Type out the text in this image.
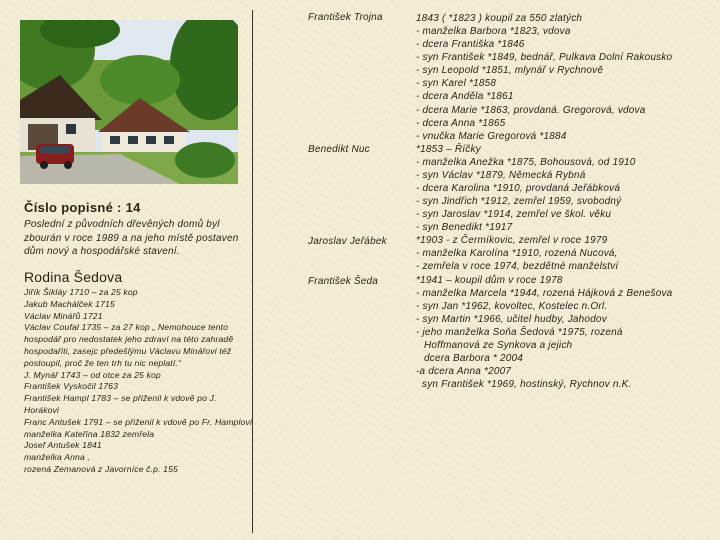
Číslo popisné : 14
Poslední z původních dřevěných domů byl zbourán v roce 1989 a na jeho místě postaven dům nový a hospodářské stavení.
Rodina Šedova
Jiřík Šikláy 1710 – za 25 kop
Jakub Machálček 1715
Václav Minářů 1721
Václav Coufal 1735 – za 27 kop „ Nemohouce tento hospodář pro nedostatek jeho zdraví na této zahradě hospodařiti, zasejc předešlýmu Václavu Minářovi též postoupil, proč že ten trh tu nic neplatí.“
J. Mynář 1743 – od otce za 25 kop
František Vyskočil 1763
František Hampl 1783 – se přiženil k vdově po J. Horákovi
Franc Antušek 1791 – se přiženil k vdově po Fr. Hamplovi
manželka Kateřina 1832 zemřela
Josef Antušek 1841
manželka Anna ,
rozená Zemanová z Javorníce č.p. 155
František Trojna
Benedikt Nuc
Jaroslav Jeřábek
František Šeda
1843 ( *1823 ) koupil za 550 zlatých
- manželka Barbora *1823, vdova
- dcera Františka *1846
- syn František *1849, bednář, Pulkava Dolní Rakousko
- syn Leopold *1851, mlynář v Rychnově
- syn Karel *1858
- dcera Anděla *1861
- dcera Marie *1863, provdaná. Gregorová, vdova
- dcera Anna *1865
- vnučka Marie Gregorová *1884
*1853 – Říčky
- manželka Anežka *1875, Bohousová, od 1910
- syn Václav *1879, Německá Rybná
- dcera Karolina *1910, provdaná Jeřábková
- syn Jindřich *1912, zemřel 1959, svobodný
- syn Jaroslav *1914, zemřel ve škol. věku
- syn Benedikt *1917
*1903 - z Čermíkovic, zemřel v roce 1979
- manželka Karolína *1910, rozená Nucová,
- zemřela v roce 1974, bezdětné manželství
*1941 – koupil dům v roce 1978
- manželka Marcela *1944, rozená Hájková z Benešova
- syn Jan *1962, kovoltec, Kostelec n.Orl.
- syn Martin *1966, učitel hudby, Jahodov
- jeho manželka Soňa Šedová *1975, rozená
Hoffmanová ze Synkova a jejich
dcera Barbora * 2004
-a dcera Anna *2007
syn František *1969, hostinský, Rychnov n.K.
